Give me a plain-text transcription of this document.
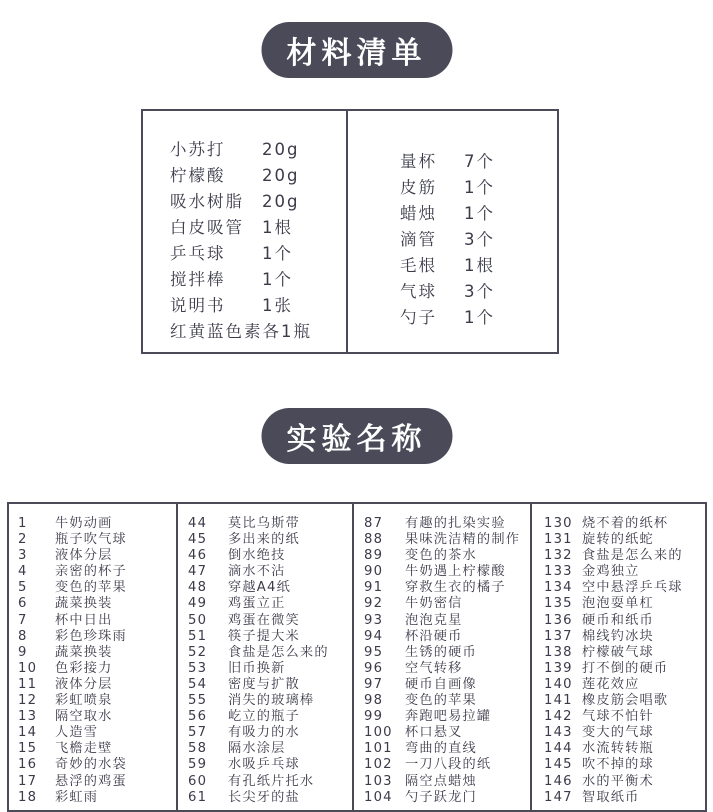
材料清单
小苏打 20g
柠檬酸 20g
吸水树脂 20g
白皮吸管 1根
乒乓球 1个
搅拌棒 1个
说明书 1张
红黄蓝色素各1瓶
量杯 7个
皮筋 1个
蜡烛 1个
滴管 3个
毛根 1根
气球 3个
勺子 1个
实验名称
1 牛奶动画
2 瓶子吹气球
3 液体分层
4 亲密的杯子
5 变色的苹果
6 蔬菜换装
7 杯中日出
8 彩色珍珠雨
9 蔬菜换装
10 色彩接力
11 液体分层
12 彩虹喷泉
13 隔空取水
14 人造雪
15 飞檐走壁
16 奇妙的水袋
17 悬浮的鸡蛋
18 彩虹雨
44 莫比乌斯带
45 多出来的纸
46 倒水绝技
47 滴水不沾
48 穿越A4纸
49 鸡蛋立正
50 鸡蛋在微笑
51 筷子提大米
52 食盐是怎么来的
53 旧币换新
54 密度与扩散
55 消失的玻璃棒
56 屹立的瓶子
57 有吸力的水
58 隔水涂层
59 水吸乒乓球
60 有孔纸片托水
61 长尖牙的盐
87 有趣的扎染实验
88 果味洗洁精的制作
89 变色的茶水
90 牛奶遇上柠檬酸
91 穿救生衣的橘子
92 牛奶密信
93 泡泡克星
94 杯沿硬币
95 生锈的硬币
96 空气转移
97 硬币自画像
98 变色的苹果
99 奔跑吧易拉罐
100 杯口悬叉
101 弯曲的直线
102 一刀八段的纸
103 隔空点蜡烛
104 勺子跃龙门
130 烧不着的纸杯
131 旋转的纸蛇
132 食盐是怎么来的
133 金鸡独立
134 空中悬浮乒乓球
135 泡泡耍单杠
136 硬币和纸币
137 棉线钓冰块
138 柠檬破气球
139 打不倒的硬币
140 莲花效应
141 橡皮筋会唱歌
142 气球不怕针
143 变大的气球
144 水流转转瓶
145 吹不掉的球
146 水的平衡术
147 智取纸币
